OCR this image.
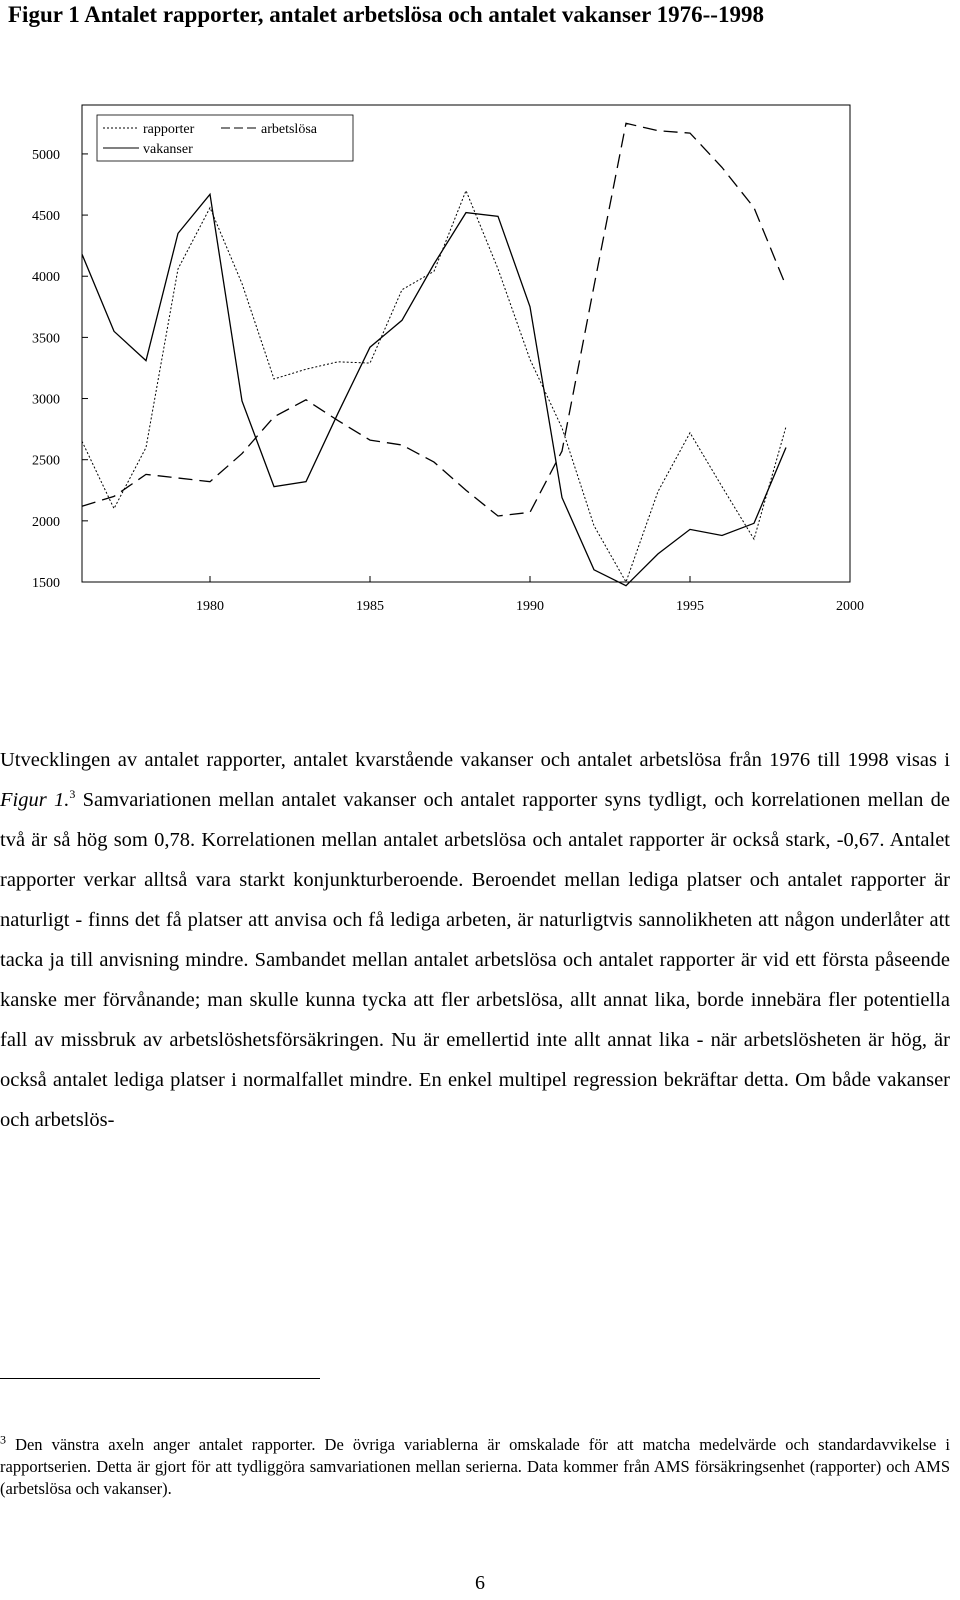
Figur 1 Antalet rapporter, antalet arbetslösa och antalet vakanser 1976--1998
5000
4500
4000
3500
3000
2500
2000
1500
1980	1985	1990	1995	2000
rapporter	arbetslösa
vakanser

Utvecklingen av antalet rapporter, antalet kvarstående vakanser och antalet arbetslösa från 1976 till 1998 visas i Figur 1.$^3$ Samvariationen mellan antalet vakanser och antalet rapporter syns tydligt, och korrelationen mellan de två är så hög som 0,78. Korrelationen mellan antalet arbetslösa och antalet rapporter är också stark, -0,67. Antalet rapporter verkar alltså vara starkt konjunkturberoende. Beroendet mellan lediga platser och antalet rapporter är naturligt - finns det få platser att anvisa och få lediga arbeten, är naturligtvis sannolikheten att någon underlåter att tacka ja till anvisning mindre. Sambandet mellan antalet arbetslösa och antalet rapporter är vid ett första påseende kanske mer förvånande; man skulle kunna tycka att fler arbetslösa, allt annat lika, borde innebära fler potentiella fall av missbruk av arbetslöshetsförsäkringen. Nu är emellertid inte allt annat lika - när arbetslösheten är hög, är också antalet lediga platser i normalfallet mindre. En enkel multipel regression bekräftar detta. Om både vakanser och arbetslös-

$^3$ Den vänstra axeln anger antalet rapporter. De övriga variablerna är omskalade för att matcha medelvärde och standardavvikelse i rapportserien. Detta är gjort för att tydliggöra samvariationen mellan serierna. Data kommer från AMS försäkringsenhet (rapporter) och AMS (arbetslösa och vakanser).
6
